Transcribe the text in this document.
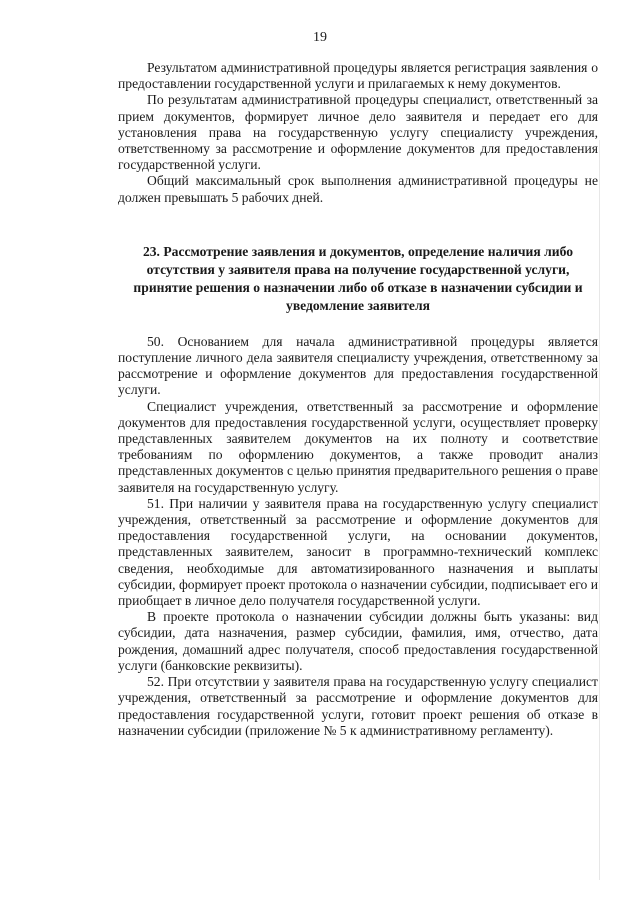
19

Результатом административной процедуры является регистрация заявления о предоставлении государственной услуги и прилагаемых к нему документов.

По результатам административной процедуры специалист, ответственный за прием документов, формирует личное дело заявителя и передает его для установления права на государственную услугу специалисту учреждения, ответственному за рассмотрение и оформление документов для предоставления государственной услуги.

Общий максимальный срок выполнения административной процедуры не должен превышать 5 рабочих дней.

23. Рассмотрение заявления и документов, определение наличия либо отсутствия у заявителя права на получение государственной услуги, принятие решения о назначении либо об отказе в назначении субсидии и уведомление заявителя

50. Основанием для начала административной процедуры является поступление личного дела заявителя специалисту учреждения, ответственному за рассмотрение и оформление документов для предоставления государственной услуги.

Специалист учреждения, ответственный за рассмотрение и оформление документов для предоставления государственной услуги, осуществляет проверку представленных заявителем документов на их полноту и соответствие требованиям по оформлению документов, а также проводит анализ представленных документов с целью принятия предварительного решения о праве заявителя на государственную услугу.

51. При наличии у заявителя права на государственную услугу специалист учреждения, ответственный за рассмотрение и оформление документов для предоставления государственной услуги, на основании документов, представленных заявителем, заносит в программно-технический комплекс сведения, необходимые для автоматизированного назначения и выплаты субсидии, формирует проект протокола о назначении субсидии, подписывает его и приобщает в личное дело получателя государственной услуги.

В проекте протокола о назначении субсидии должны быть указаны: вид субсидии, дата назначения, размер субсидии, фамилия, имя, отчество, дата рождения, домашний адрес получателя, способ предоставления государственной услуги (банковские реквизиты).

52. При отсутствии у заявителя права на государственную услугу специалист учреждения, ответственный за рассмотрение и оформление документов для предоставления государственной услуги, готовит проект решения об отказе в назначении субсидии (приложение № 5 к административному регламенту).
